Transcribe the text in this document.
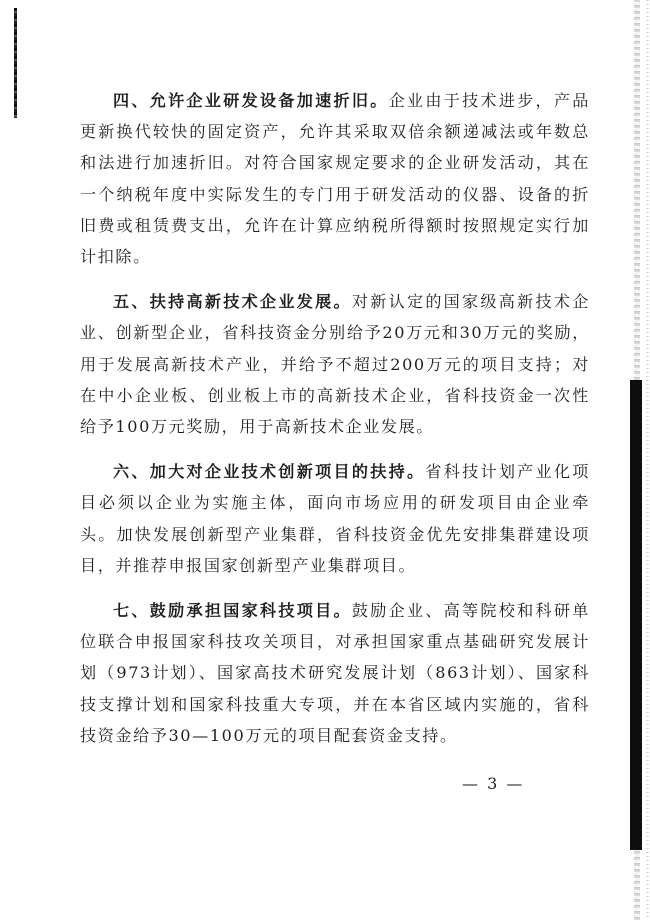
四、允许企业研发设备加速折旧。企业由于技术进步，产品更新换代较快的固定资产，允许其采取双倍余额递减法或年数总和法进行加速折旧。对符合国家规定要求的企业研发活动，其在一个纳税年度中实际发生的专门用于研发活动的仪器、设备的折旧费或租赁费支出，允许在计算应纳税所得额时按照规定实行加计扣除。

五、扶持高新技术企业发展。对新认定的国家级高新技术企业、创新型企业，省科技资金分别给予20万元和30万元的奖励，用于发展高新技术产业，并给予不超过200万元的项目支持；对在中小企业板、创业板上市的高新技术企业，省科技资金一次性给予100万元奖励，用于高新技术企业发展。

六、加大对企业技术创新项目的扶持。省科技计划产业化项目必须以企业为实施主体，面向市场应用的研发项目由企业牵头。加快发展创新型产业集群，省科技资金优先安排集群建设项目，并推荐申报国家创新型产业集群项目。

七、鼓励承担国家科技项目。鼓励企业、高等院校和科研单位联合申报国家科技攻关项目，对承担国家重点基础研究发展计划（973计划）、国家高技术研究发展计划（863计划）、国家科技支撑计划和国家科技重大专项，并在本省区域内实施的，省科技资金给予30—100万元的项目配套资金支持。

— 3 —
